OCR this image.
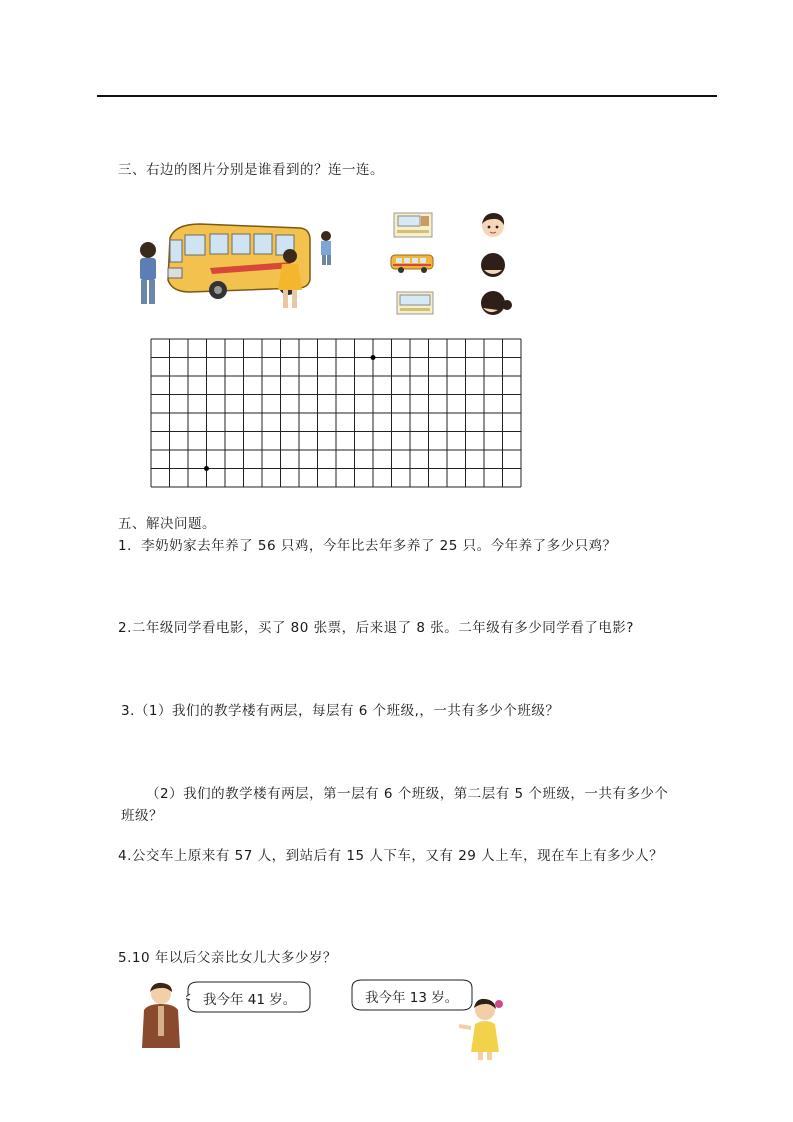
三、右边的图片分别是谁看到的？连一连。
五、解决问题。
1．李奶奶家去年养了 56 只鸡，今年比去年多养了 25 只。今年养了多少只鸡？
2.二年级同学看电影，买了 80 张票，后来退了 8 张。二年级有多少同学看了电影?
3.（1）我们的教学楼有两层，每层有 6 个班级,，一共有多少个班级？
（2）我们的教学楼有两层，第一层有 6 个班级，第二层有 5 个班级，一共有多少个
班级？
4.公交车上原来有 57 人，到站后有 15 人下车，又有 29 人上车，现在车上有多少人？
5.10 年以后父亲比女儿大多少岁？
我今年 41 岁。	我今年 13 岁。
